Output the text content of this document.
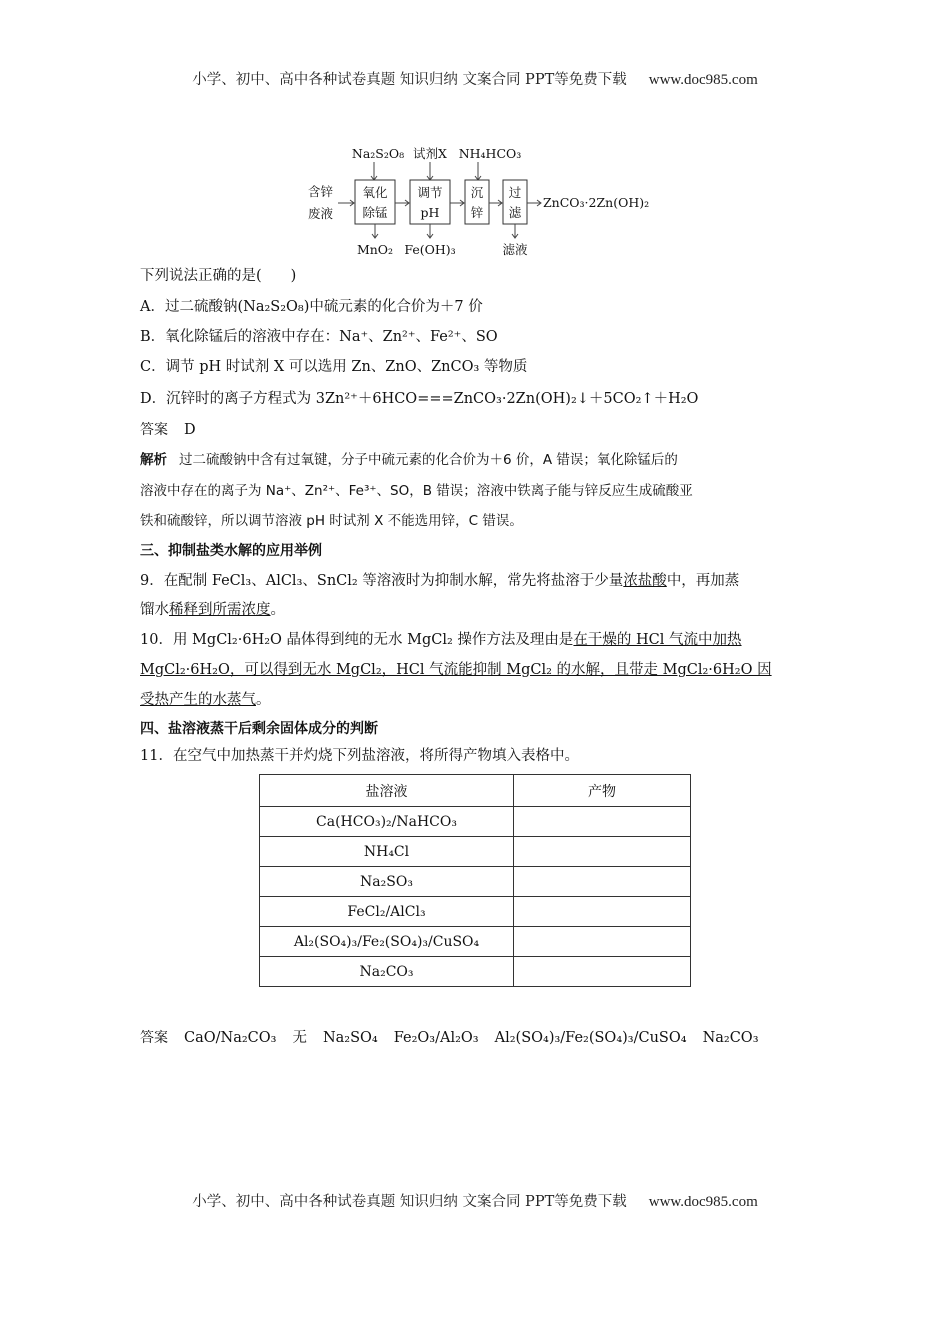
小学、初中、高中各种试卷真题 知识归纳 文案合同 PPT等免费下载 www.doc985.com
Na₂S₂O₈ 试剂X NH₄HCO₃
含锌
废液
氧化
除锰
调节
pH
沉
锌
过
滤
ZnCO₃·2Zn(OH)₂
MnO₂ Fe(OH)₃	滤液
下列说法正确的是(　　)
A．过二硫酸钠(Na₂S₂O₈)中硫元素的化合价为＋7 价
B．氧化除锰后的溶液中存在：Na⁺、Zn²⁺、Fe²⁺、SO
C．调节 pH 时试剂 X 可以选用 Zn、ZnO、ZnCO₃ 等物质
D．沉锌时的离子方程式为 3Zn²⁺＋6HCO===ZnCO₃·2Zn(OH)₂↓＋5CO₂↑＋H₂O
答案 D
解析 过二硫酸钠中含有过氧键，分子中硫元素的化合价为＋6 价，A 错误；氧化除锰后的
溶液中存在的离子为 Na⁺、Zn²⁺、Fe³⁺、SO，B 错误；溶液中铁离子能与锌反应生成硫酸亚
铁和硫酸锌，所以调节溶液 pH 时试剂 X 不能选用锌，C 错误。
三、抑制盐类水解的应用举例
9．在配制 FeCl₃、AlCl₃、SnCl₂ 等溶液时为抑制水解，常先将盐溶于少量浓盐酸中，再加蒸
馏水稀释到所需浓度。
10．用 MgCl₂·6H₂O 晶体得到纯的无水 MgCl₂ 操作方法及理由是在干燥的 HCl 气流中加热
MgCl₂·6H₂O，可以得到无水 MgCl₂，HCl 气流能抑制 MgCl₂ 的水解，且带走 MgCl₂·6H₂O 因
受热产生的水蒸气。
四、盐溶液蒸干后剩余固体成分的判断
11．在空气中加热蒸干并灼烧下列盐溶液，将所得产物填入表格中。
盐溶液	产物
Ca(HCO₃)₂/NaHCO₃	
NH₄Cl	
Na₂SO₃	
FeCl₂/AlCl₃	
Al₂(SO₄)₃/Fe₂(SO₄)₃/CuSO₄	
Na₂CO₃	
答案 CaO/Na₂CO₃ 无 Na₂SO₄ Fe₂O₃/Al₂O₃ Al₂(SO₄)₃/Fe₂(SO₄)₃/CuSO₄ Na₂CO₃
小学、初中、高中各种试卷真题 知识归纳 文案合同 PPT等免费下载 www.doc985.com
